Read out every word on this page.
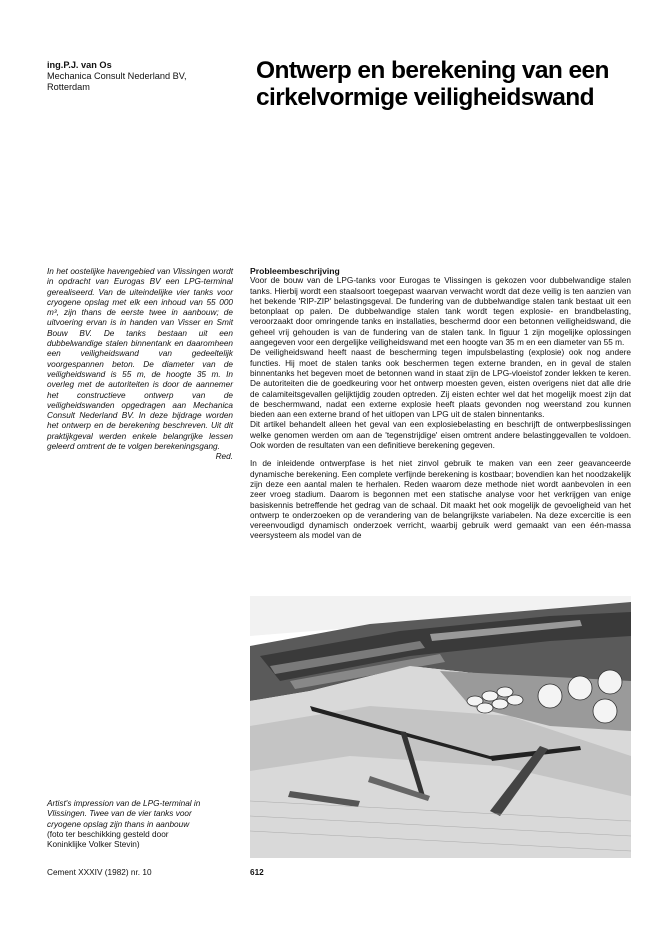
ing.P.J. van Os
Mechanica Consult Nederland BV,
Rotterdam
Ontwerp en berekening van een
cirkelvormige veiligheidswand

In het oostelijke havengebied van Vlissingen wordt in opdracht van Eurogas BV een LPG-terminal gerealiseerd. Van de uiteindelijke vier tanks voor cryogene opslag met elk een inhoud van 55 000 m³, zijn thans de eerste twee in aanbouw; de uitvoering ervan is in handen van Visser en Smit Bouw BV. De tanks bestaan uit een dubbelwandige stalen binnentank en daaromheen een veiligheidswand van gedeeltelijk voorgespannen beton. De diameter van de veiligheidswand is 55 m, de hoogte 35 m. In overleg met de autoriteiten is door de aannemer het constructieve ontwerp van de veiligheidswanden opgedragen aan Mechanica Consult Nederland BV. In deze bijdrage worden het ontwerp en de berekening beschreven. Uit dit praktijkgeval werden enkele belangrijke lessen geleerd omtrent de te volgen berekeningsgang.
Red.

Probleembeschrijving

Voor de bouw van de LPG-tanks voor Eurogas te Vlissingen is gekozen voor dubbelwandige stalen tanks. Hierbij wordt een staalsoort toegepast waarvan verwacht wordt dat deze veilig is ten aanzien van het bekende 'RIP-ZIP' belastingsgeval. De fundering van de dubbelwandige stalen tank bestaat uit een betonplaat op palen. De dubbelwandige stalen tank wordt tegen explosie- en brandbelasting, veroorzaakt door omringende tanks en installaties, beschermd door een betonnen veiligheidswand, die geheel vrij gehouden is van de fundering van de stalen tank. In figuur 1 zijn mogelijke oplossingen aangegeven voor een dergelijke veiligheidswand met een hoogte van 35 m en een diameter van 55 m.

De veiligheidswand heeft naast de bescherming tegen impulsbelasting (explosie) ook nog andere functies. Hij moet de stalen tanks ook beschermen tegen externe branden, en in geval de stalen binnentanks het begeven moet de betonnen wand in staat zijn de LPG-vloeistof zonder lekken te keren. De autoriteiten die de goedkeuring voor het ontwerp moesten geven, eisten overigens niet dat alle drie de calamiteitsgevallen gelijktijdig zouden optreden. Zij eisten echter wel dat het mogelijk moest zijn dat de beschermwand, nadat een externe explosie heeft plaats gevonden nog weerstand zou kunnen bieden aan een externe brand of het uitlopen van LPG uit de stalen binnentanks.

Dit artikel behandelt alleen het geval van een explosiebelasting en beschrijft de ontwerpbeslissingen welke genomen werden om aan de 'tegenstrijdige' eisen omtrent andere belastinggevallen te voldoen. Ook worden de resultaten van een definitieve berekening gegeven.

In de inleidende ontwerpfase is het niet zinvol gebruik te maken van een zeer geavanceerde dynamische berekening. Een complete verfijnde berekening is kostbaar; bovendien kan het noodzakelijk zijn deze een aantal malen te herhalen. Reden waarom deze methode niet wordt aanbevolen in een zeer vroeg stadium. Daarom is begonnen met een statische analyse voor het verkrijgen van enige basiskennis betreffende het gedrag van de schaal. Dit maakt het ook mogelijk de gevoeligheid van het ontwerp te onderzoeken op de verandering van de belangrijkste variabelen. Na deze excercitie is een vereenvoudigd dynamisch onderzoek verricht, waarbij gebruik werd gemaakt van een één-massa veersysteem als model van de

Artist's impression van de LPG-terminal in
Vlissingen. Twee van de vier tanks voor
cryogene opslag zijn thans in aanbouw
(foto ter beschikking gesteld door
Koninklijke Volker Stevin)

Cement XXXIV (1982) nr. 10	612
